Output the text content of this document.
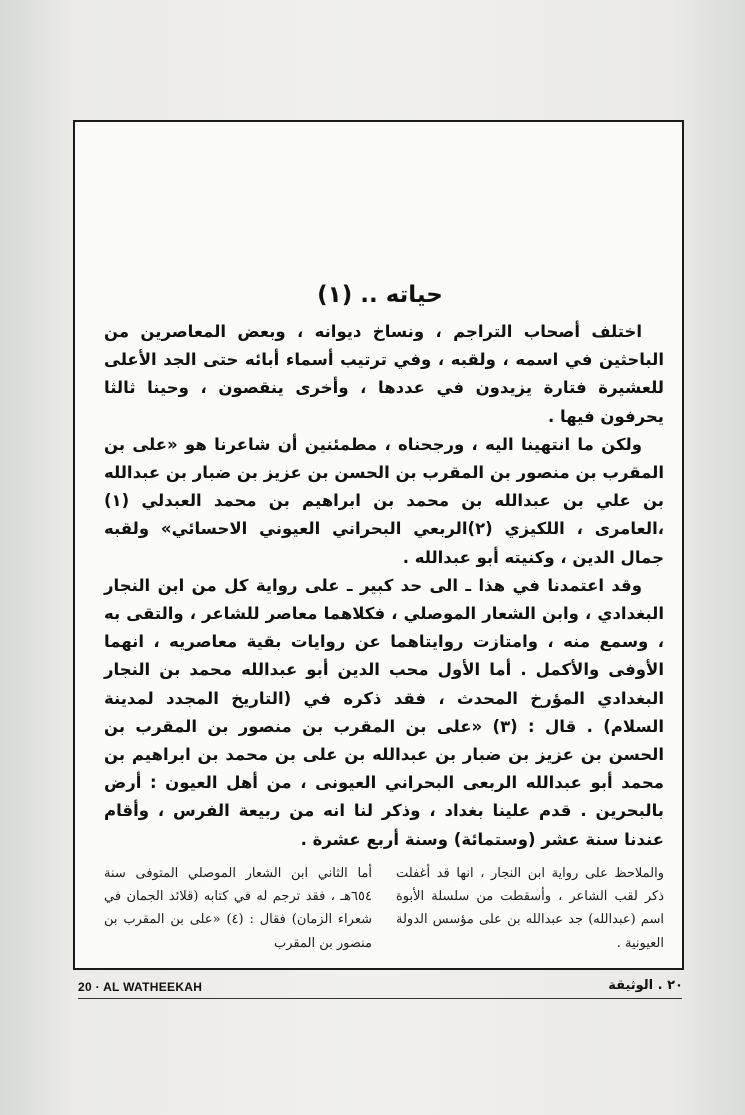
حياته .. (١)

اختلف أصحاب التراجم ، ونساخ ديوانه ، وبعض المعاصرين من الباحثين في اسمه ، ولقبه ، وفي ترتيب أسماء أبائه حتى الجد الأعلى للعشيرة فتارة يزيدون في عددها ، وأخرى ينقصون ، وحينا ثالثا يحرفون فيها .

ولكن ما انتهينا اليه ، ورجحناه ، مطمئنين أن شاعرنا هو «على بن المقرب بن منصور بن المقرب بن الحسن بن عزيز بن ضبار بن عبدالله بن علي بن عبدالله بن محمد بن ابراهيم بن محمد العبدلي (١) ،العامرى ، اللكيزي (٢)الربعي البحراني العيوني الاحسائي» ولقبه جمال الدين ، وكنيته أبو عبدالله .

وقد اعتمدنا في هذا ـ الى حد كبير ـ على رواية كل من ابن النجار البغدادي ، وابن الشعار الموصلي ، فكلاهما معاصر للشاعر ، والتقى به ، وسمع منه ، وامتازت روايتاهما عن روايات بقية معاصريه ، انهما الأوفى والأكمل . أما الأول محب الدين أبو عبدالله محمد بن النجار البغدادي المؤرخ المحدث ، فقد ذكره في (التاريخ المجدد لمدينة السلام) . قال : (٣) «على بن المقرب بن منصور بن المقرب بن الحسن بن عزيز بن ضبار بن عبدالله بن على بن محمد بن ابراهيم بن محمد أبو عبدالله الربعى البحراني العيونى ، من أهل العيون : أرض بالبحرين . قدم علينا بغداد ، وذكر لنا انه من ربيعة الفرس ، وأقام عندنا سنة عشر (وستمائة) وسنة أربع عشرة .

والملاحظ على رواية ابن النجار ، انها قد أغفلت ذكر لقب الشاعر ، وأسقطت من سلسلة الأبوة اسم (عبدالله) جد عبدالله بن على مؤسس الدولة العيونية .
أما الثاني ابن الشعار الموصلي المتوفى سنة ٦٥٤هـ ، فقد ترجم له في كتابه (قلائد الجمان في شعراء الزمان) فقال : (٤) «على بن المقرب بن منصور بن المقرب
20 · AL WATHEEKAH	٢٠ . الوثيقة
